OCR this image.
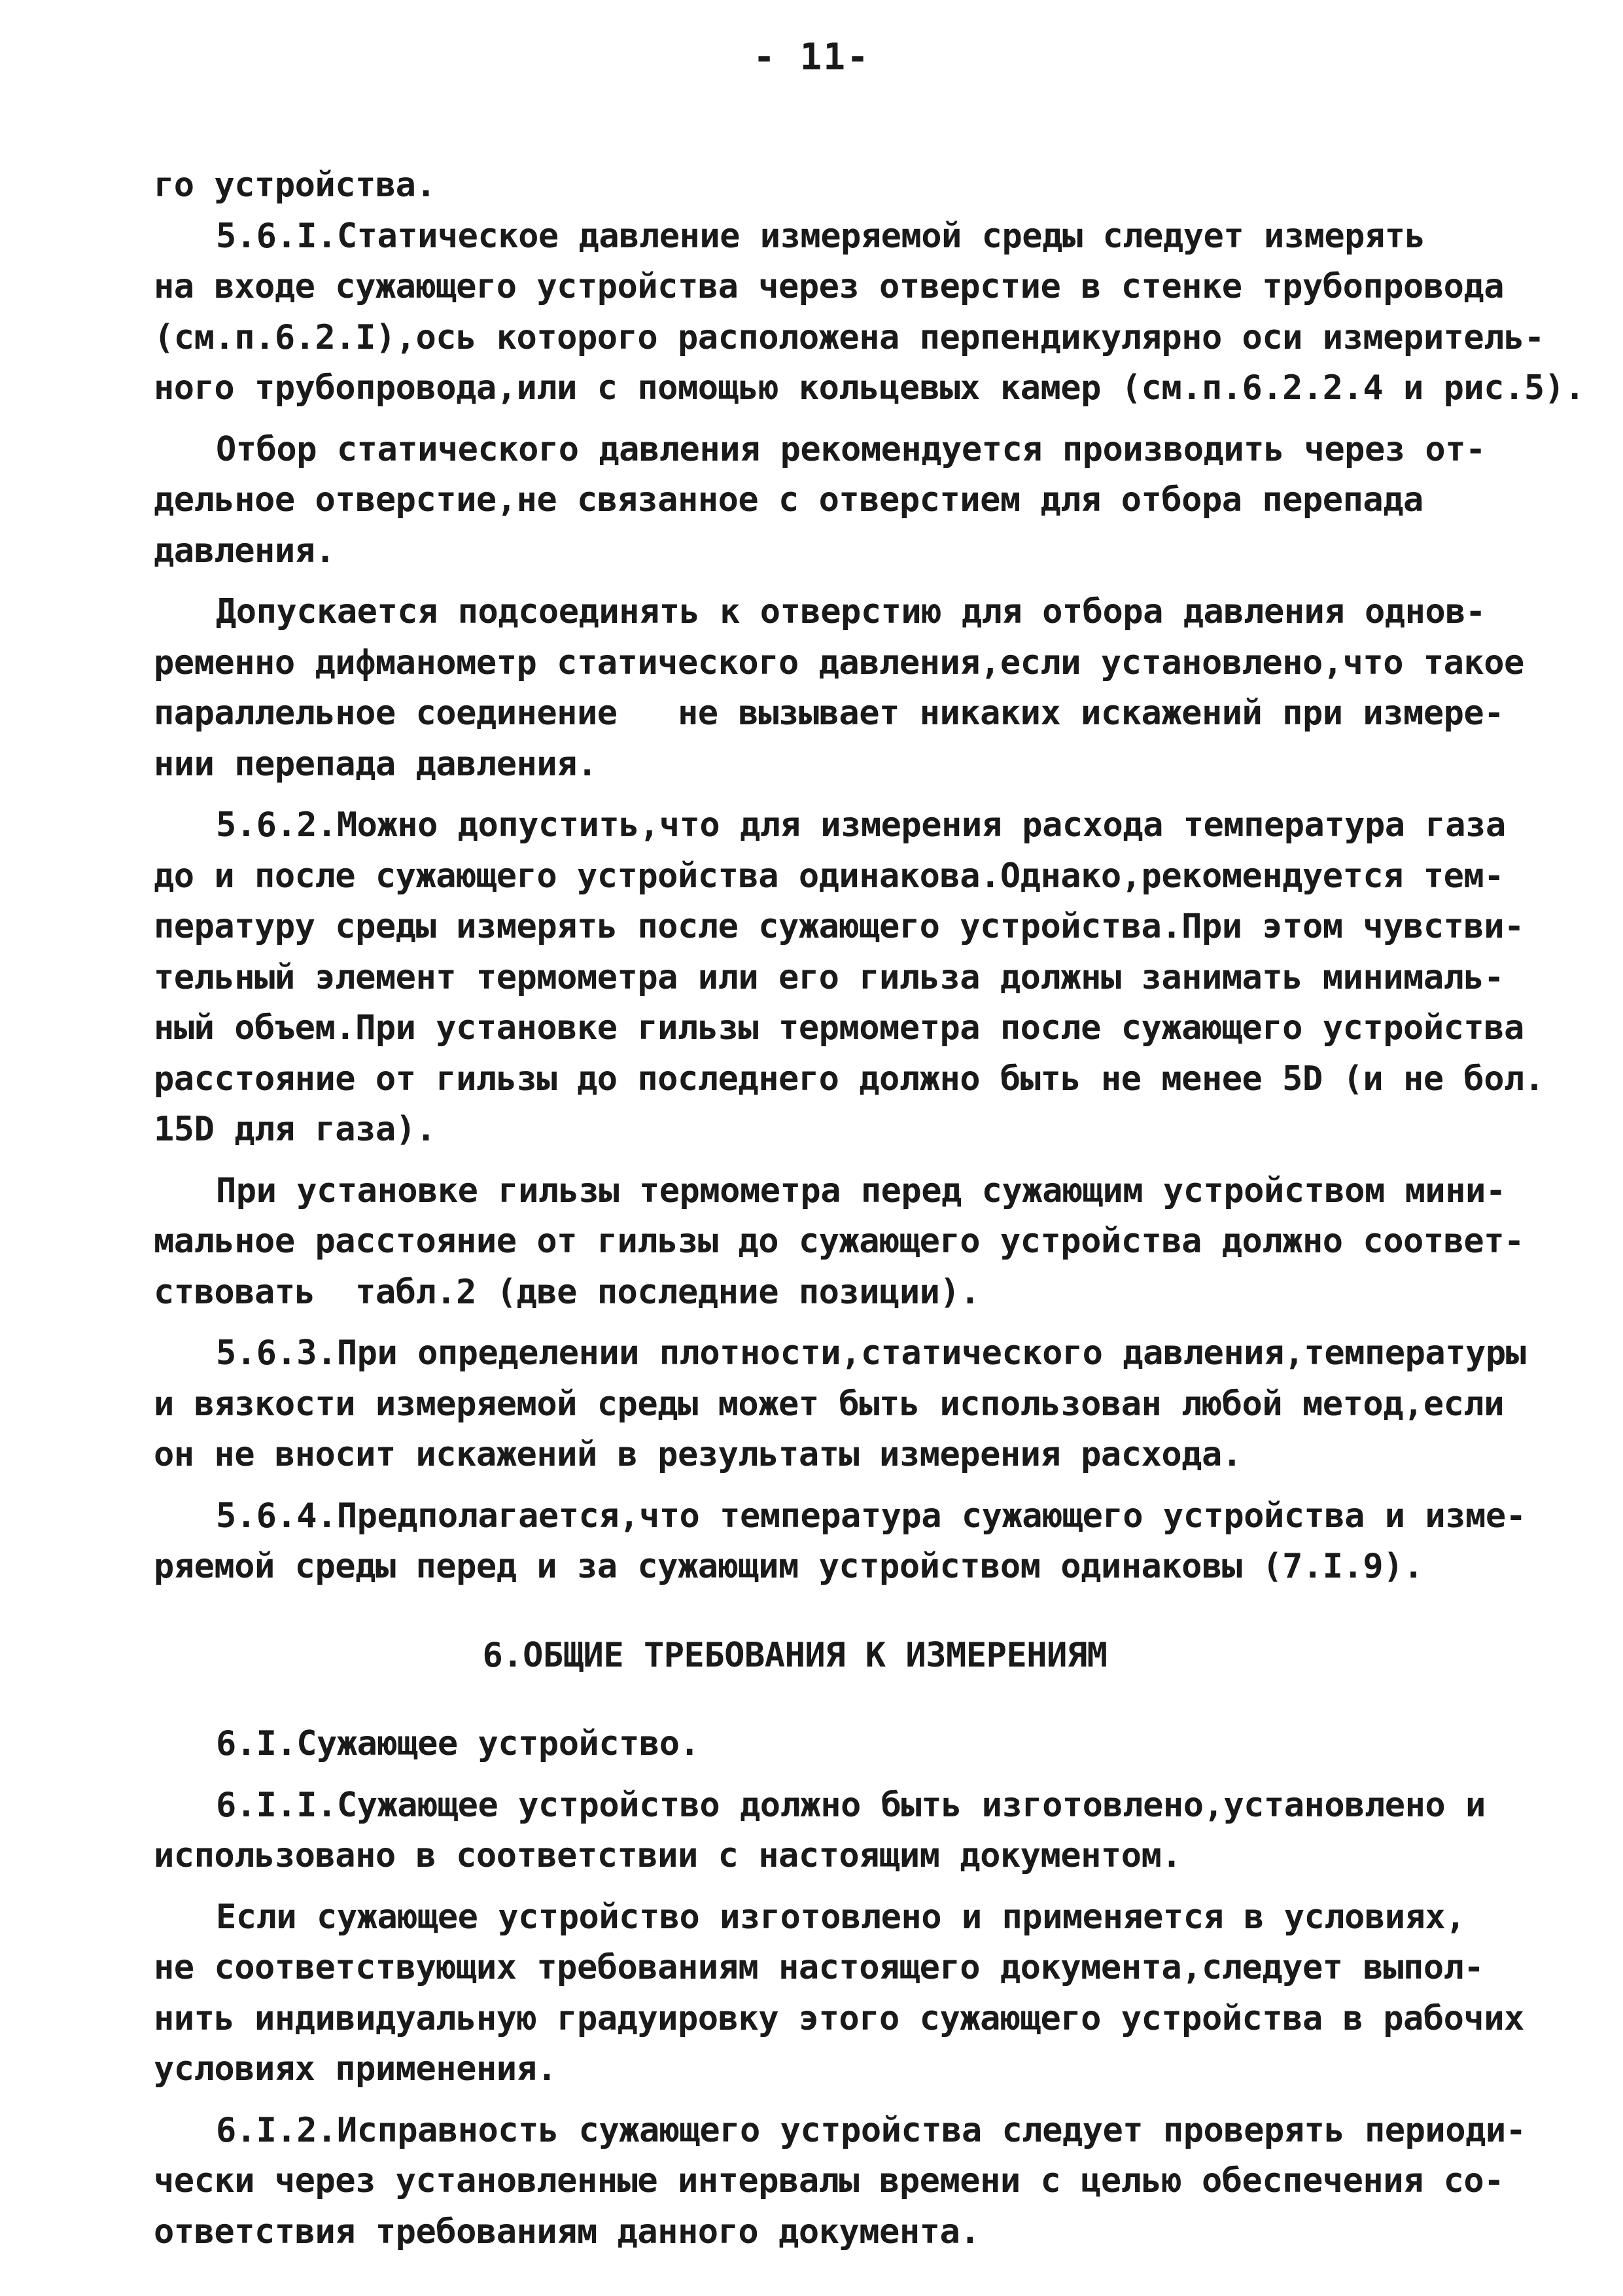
- 11-
го устройства.
5.6.I.Статическое давление измеряемой среды следует измерять
на входе сужающего устройства через отверстие в стенке трубопровода
(см.п.6.2.I),ось которого расположена перпендикулярно оси измеритель-
ного трубопровода,или с помощью кольцевых камер (см.п.6.2.2.4 и рис.5).
Отбор статического давления рекомендуется производить через от-
дельное отверстие,не связанное с отверстием для отбора перепада
давления.
Допускается подсоединять к отверстию для отбора давления однов-
ременно дифманометр статического давления,если установлено,что такое
параллельное соединение   не вызывает никаких искажений при измере-
нии перепада давления.
5.6.2.Можно допустить,что для измерения расхода температура газа
до и после сужающего устройства одинакова.Однако,рекомендуется тем-
пературу среды измерять после сужающего устройства.При этом чувстви-
тельный элемент термометра или его гильза должны занимать минималь-
ный объем.При установке гильзы термометра после сужающего устройства
расстояние от гильзы до последнего должно быть не менее 5D (и не бол.
15D для газа).
При установке гильзы термометра перед сужающим устройством мини-
мальное расстояние от гильзы до сужающего устройства должно соответ-
ствовать  табл.2 (две последние позиции).
5.6.3.При определении плотности,статического давления,температуры
и вязкости измеряемой среды может быть использован любой метод,если
он не вносит искажений в результаты измерения расхода.
5.6.4.Предполагается,что температура сужающего устройства и изме-
ряемой среды перед и за сужающим устройством одинаковы (7.I.9).
6.ОБЩИЕ ТРЕБОВАНИЯ К ИЗМЕРЕНИЯМ
6.I.Сужающее устройство.
6.I.I.Сужающее устройство должно быть изготовлено,установлено и
использовано в соответствии с настоящим документом.
Если сужающее устройство изготовлено и применяется в условиях,
не соответствующих требованиям настоящего документа,следует выпол-
нить индивидуальную градуировку этого сужающего устройства в рабочих
условиях применения.
6.I.2.Исправность сужающего устройства следует проверять периоди-
чески через установленные интервалы времени с целью обеспечения со-
ответствия требованиям данного документа.
